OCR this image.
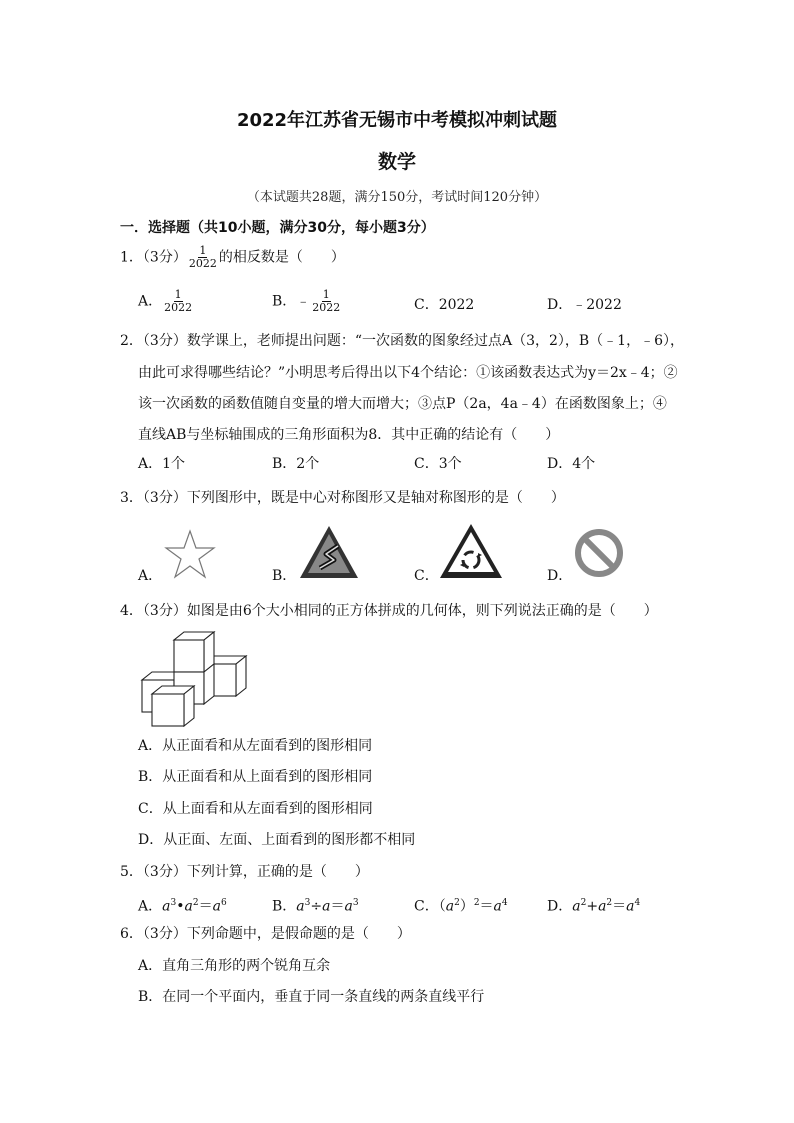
2022年江苏省无锡市中考模拟冲刺试题
数学
（本试题共28题，满分150分，考试时间120分钟）
一．选择题（共10小题，满分30分，每小题3分）
1．（3分） $\frac{1}{2022}$ 的相反数是（　　）
A． $\frac{1}{2022}$	B．﹣ $\frac{1}{2022}$	C．2022	D．﹣2022
2．（3分）数学课上，老师提出问题：“一次函数的图象经过点A（3，2），B（﹣1，﹣6），
由此可求得哪些结论？”小明思考后得出以下4个结论：①该函数表达式为y＝2x﹣4；②
该一次函数的函数值随自变量的增大而增大；③点P（2a，4a﹣4）在函数图象上；④
直线AB与坐标轴围成的三角形面积为8．其中正确的结论有（　　）
A．1个	B．2个	C．3个	D．4个
3．（3分）下列图形中，既是中心对称图形又是轴对称图形的是（　　）
A．	B．	C．	D．
4．（3分）如图是由6个大小相同的正方体拼成的几何体，则下列说法正确的是（　　）
A．从正面看和从左面看到的图形相同
B．从正面看和从上面看到的图形相同
C．从上面看和从左面看到的图形相同
D．从正面、左面、上面看到的图形都不相同
5．（3分）下列计算，正确的是（　　）
A．$a^3•a^2=a^6$	B．$a^3\div a=a^3$	C．$(a^2)^2=a^4$	D．$a^2+a^2=a^4$
6．（3分）下列命题中，是假命题的是（　　）
A．直角三角形的两个锐角互余
B．在同一个平面内，垂直于同一条直线的两条直线平行
